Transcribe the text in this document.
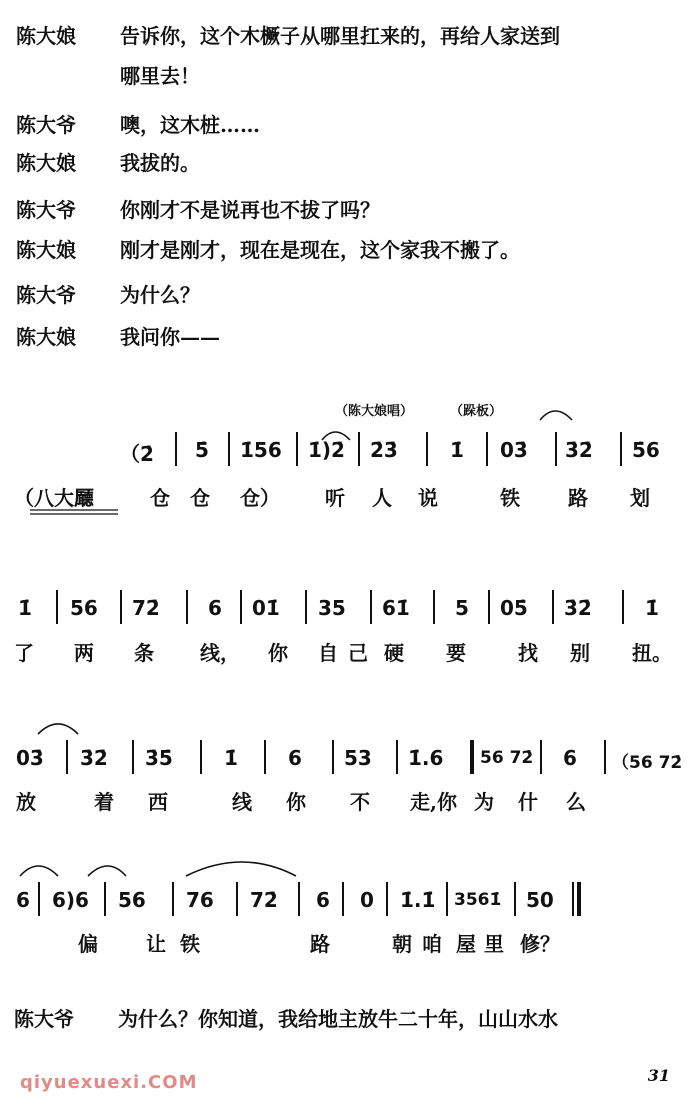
陈大娘 告诉你，这个木橛子从哪里扛来的，再给人家送到
哪里去！
陈大爷 噢，这木桩……
陈大娘 我拔的。
陈大爷 你刚才不是说再也不拔了吗？
陈大娘 刚才是刚才，现在是现在，这个家我不搬了。
陈大爷 为什么？
陈大娘 我问你——
（陈大娘唱）	（跺板）
（2̇ 5̇ 1̇56 1̇)2̇ 2̇3̇	1̇ 03̇ 3̇2̇ 5̇6
（八大𠫊	仓 仓 仓） 听 人 说	铁 路 划
1̇ 56 72̇ 6 01̇ 35 61̇ 5 05̇ 3̇2̇	1̇
了 两 条 线， 你 自 己 硬 要	找 别 扭。
03̇ 3̇2̇ 3̇5̇	1̇	6 53 1̇.6 56 72̇ 6 （56 72̇
放	着 西	线 你 不 走,你 为 什 么
6 6)6 56 76 72̇ 6 0 1̇.1̇ 3561̇ 50
偏 让 铁	路	朝 咱 屋 里 修？
陈大爷 为什么？你知道，我给地主放牛二十年，山山水水
qiyuexuexi.COM	31
